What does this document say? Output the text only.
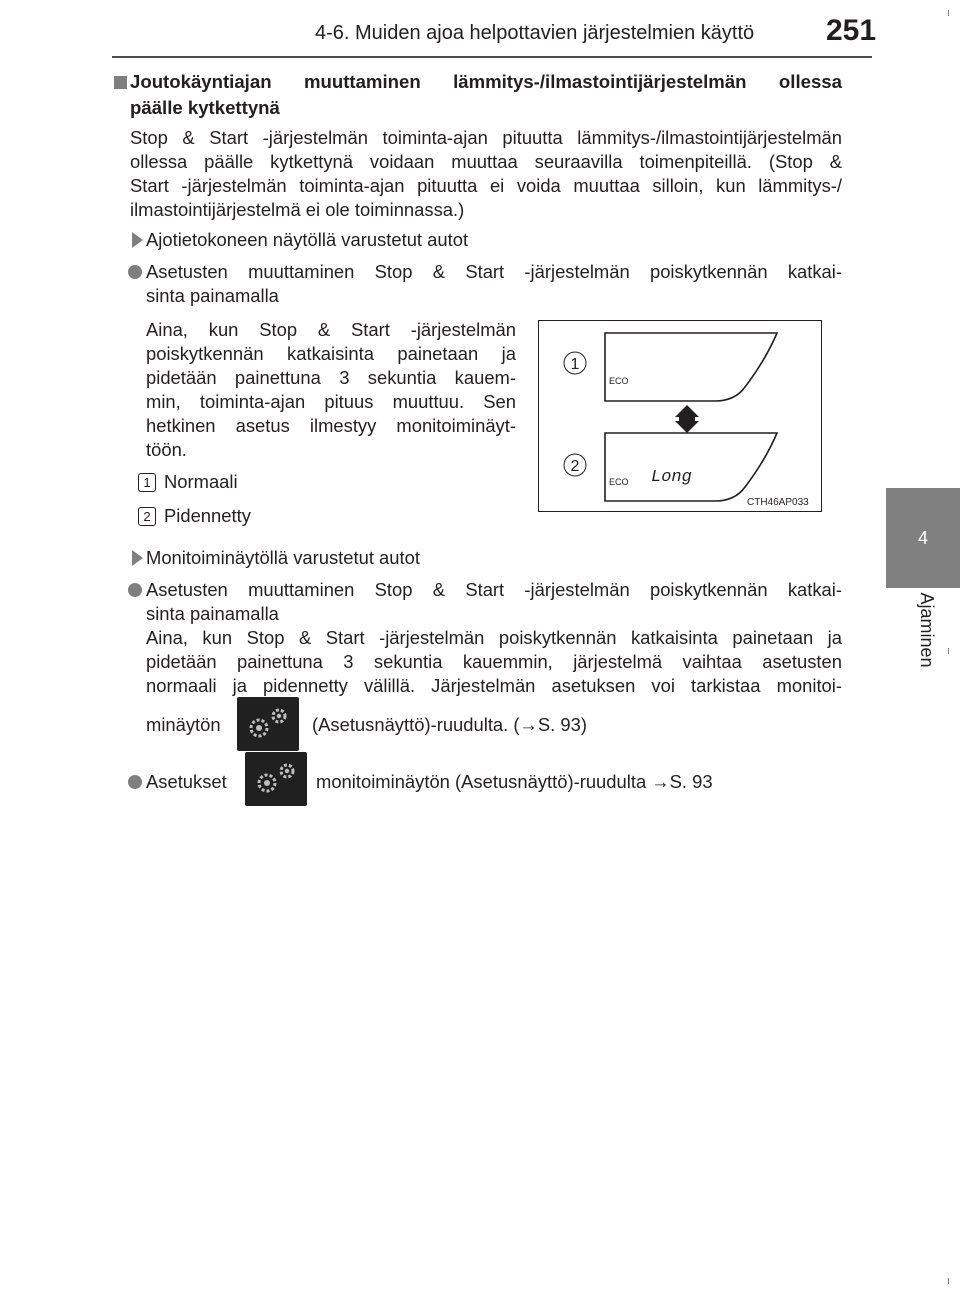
4-6. Muiden ajoa helpottavien järjestelmien käyttö 251
4
Ajaminen
Joutokäyntiajan muuttaminen lämmitys-/ilmastointijärjestelmän ollessa
päälle kytkettynä
Stop & Start -järjestelmän toiminta-ajan pituutta lämmitys-/ilmastointijärjestelmän
ollessa päälle kytkettynä voidaan muuttaa seuraavilla toimenpiteillä. (Stop &
Start -järjestelmän toiminta-ajan pituutta ei voida muuttaa silloin, kun lämmitys-/
ilmastointijärjestelmä ei ole toiminnassa.)
Ajotietokoneen näytöllä varustetut autot
Asetusten muuttaminen Stop & Start -järjestelmän poiskytkennän katkai-
sinta painamalla
Aina, kun Stop & Start -järjestelmän
poiskytkennän katkaisinta painetaan ja
pidetään painettuna 3 sekuntia kauem-
min, toiminta-ajan pituus muuttuu. Sen
hetkinen asetus ilmestyy monitoiminäyt-
töön.
1 Normaali
2 Pidennetty
1
ECO
2
ECO Long
CTH46AP033
Monitoiminäytöllä varustetut autot
Asetusten muuttaminen Stop & Start -järjestelmän poiskytkennän katkai-
sinta painamalla
Aina, kun Stop & Start -järjestelmän poiskytkennän katkaisinta painetaan ja
pidetään painettuna 3 sekuntia kauemmin, järjestelmä vaihtaa asetusten
normaali ja pidennetty välillä. Järjestelmän asetuksen voi tarkistaa monitoi-
minäytön	(Asetusnäyttö)-ruudulta. (→S. 93)
Asetukset	monitoiminäytön (Asetusnäyttö)-ruudulta →S. 93
